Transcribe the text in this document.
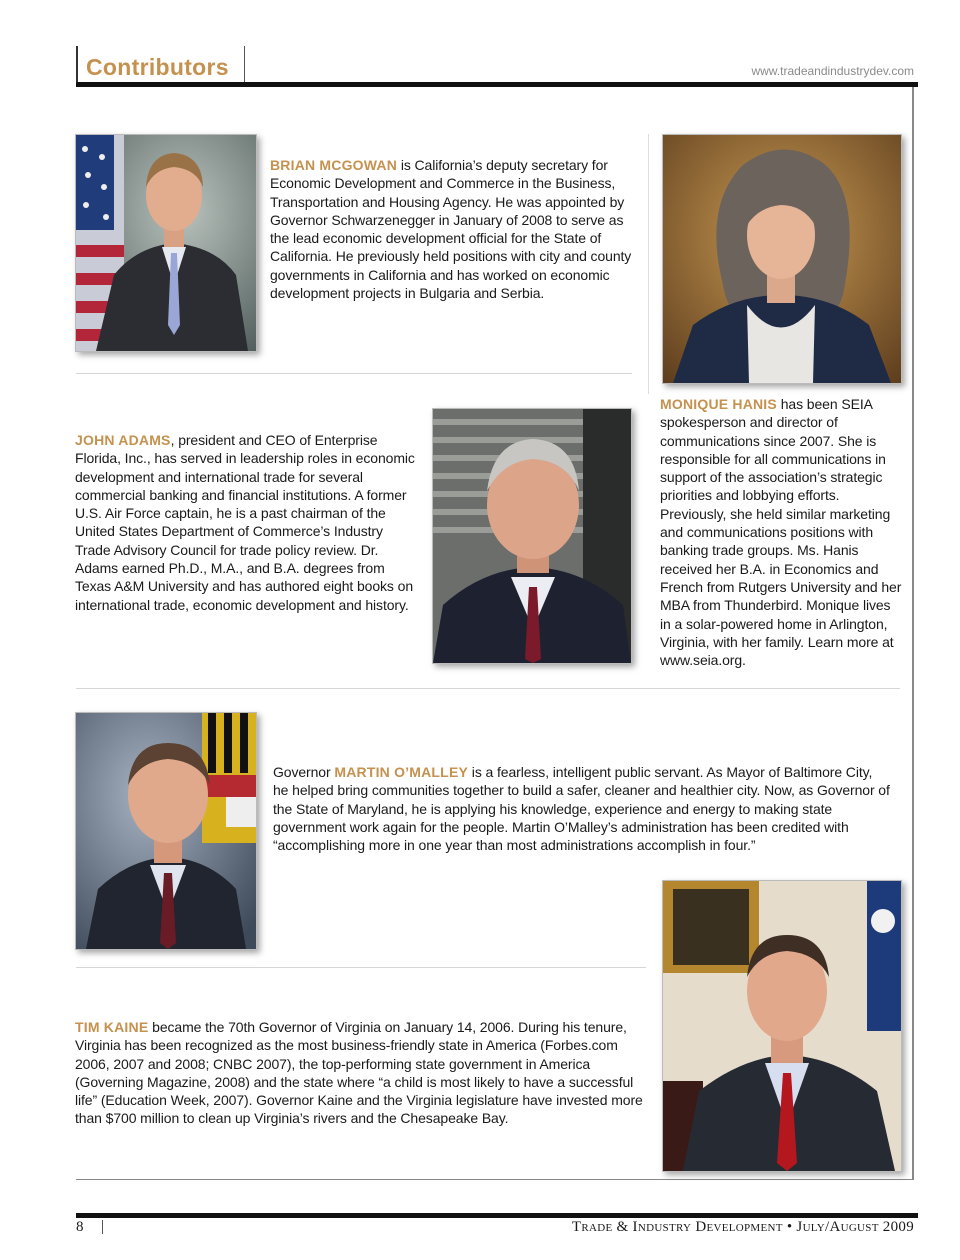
Contributors	www.tradeandindustrydev.com
BRIAN MCGOWAN is California’s deputy secretary for Economic Development and Commerce in the Business, Transportation and Housing Agency. He was appointed by Governor Schwarzenegger in January of 2008 to serve as the lead economic development official for the State of California. He previously held positions with city and county governments in California and has worked on economic development projects in Bulgaria and Serbia.
JOHN ADAMS, president and CEO of Enterprise Florida, Inc., has served in leadership roles in economic development and international trade for several commercial banking and financial institutions. A former U.S. Air Force captain, he is a past chairman of the United States Department of Commerce’s Industry Trade Advisory Council for trade policy review. Dr. Adams earned Ph.D., M.A., and B.A. degrees from Texas A&M University and has authored eight books on international trade, economic development and history.
MONIQUE HANIS has been SEIA spokesperson and director of communications since 2007. She is responsible for all communications in support of the association’s strategic priorities and lobbying efforts. Previously, she held similar marketing and communications positions with banking trade groups. Ms. Hanis received her B.A. in Economics and French from Rutgers University and her MBA from Thunderbird. Monique lives in a solar-powered home in Arlington, Virginia, with her family. Learn more at www.seia.org.
Governor MARTIN O’MALLEY is a fearless, intelligent public servant. As Mayor of Baltimore City, he helped bring communities together to build a safer, cleaner and healthier city. Now, as Governor of the State of Maryland, he is applying his knowledge, experience and energy to making state government work again for the people. Martin O’Malley’s administration has been credited with “accomplishing more in one year than most administrations accomplish in four.”
TIM KAINE became the 70th Governor of Virginia on January 14, 2006. During his tenure, Virginia has been recognized as the most business-friendly state in America (Forbes.com 2006, 2007 and 2008; CNBC 2007), the top-performing state government in America (Governing Magazine, 2008) and the state where “a child is most likely to have a successful life” (Education Week, 2007). Governor Kaine and the Virginia legislature have invested more than $700 million to clean up Virginia’s rivers and the Chesapeake Bay.
8	Trade & Industry Development • July/August 2009
